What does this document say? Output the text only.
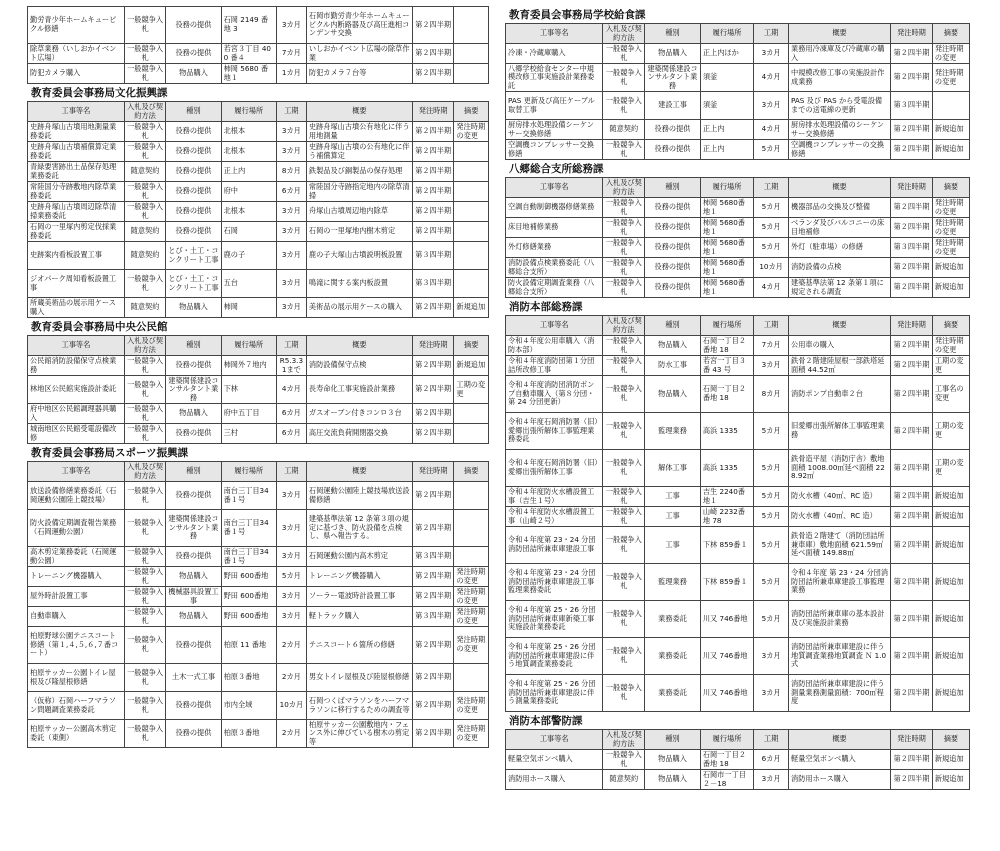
勤労青少年ホームキュービクル修繕	一般競争入札	役務の提供	石岡 2149 番地 3	3カ月	石岡市勤労青少年ホームキュービクル内断路器及び高圧進相コンデンサ交換	第２四半期	
除草業務（いしおかイベント広場）	一般競争入札	役務の提供	若宮３丁目 400 番４	7カ月	いしおかイベント広場の除草作業	第２四半期	
防犯カメラ購入	一般競争入札	物品購入	柿岡 5680 番地１	1カ月	防犯カメラ７台等	第２四半期	
教育委員会事務局文化振興課
工事等名	入札及び契約方法	種別	履行場所	工期	概要	発注時期	摘要
史跡舟塚山古墳用地測量業務委託	一般競争入札	役務の提供	北根本	3カ月	史跡舟塚山古墳公有地化に伴う用地測量	第２四半期	発注時期の変更
史跡舟塚山古墳補償算定業務委託	一般競争入札	役務の提供	北根本	3カ月	史跡舟塚山古墳の公有地化に伴う補償算定	第２四半期	
青緑要害跡出土品保存処理業務委託	随意契約	役務の提供	正上内	8カ月	鉄製品及び銅製品の保存処理	第２四半期	
常陸国分寺跡敷地内除草業務委託	一般競争入札	役務の提供	府中	6カ月	常陸国分寺跡指定地内の除草清掃	第２四半期	
史跡舟塚山古墳周辺除草清掃業務委託	一般競争入札	役務の提供	北根本	3カ月	舟塚山古墳周辺地内除草	第２四半期	
石岡の一里塚内剪定伐採業務委託	随意契約	役務の提供	石岡	3カ月	石岡の一里塚地内樹木剪定	第２四半期	
史跡案内看板設置工事	随意契約	とび・土工・コンクリート工事	鹿の子	3カ月	鹿の子大塚山古墳説明板設置	第３四半期	
ジオパーク周知看板設置工事	一般競争入札	とび・土工・コンクリート工事	五台	3カ月	鳴滝に関する案内板設置	第３四半期	
所蔵美術品の展示用ケース購入	随意契約	物品購入	柿岡	3カ月	美術品の展示用ケースの購入	第２四半期	新規追加
教育委員会事務局中央公民館
工事等名	入札及び契約方法	種別	履行場所	工期	概要	発注時期	摘要
公民館消防設備保守点検業務	一般競争入札	役務の提供	柿岡外７地内	R5.3.31まで	消防設備保守点検	第２四半期	新規追加
林地区公民館実施設計委託	一般競争入札	建築関係建設コンサルタント業務	下林	4カ月	長寿命化工事実施設計業務	第２四半期	工期の変更
府中地区公民館調理器具購入	一般競争入札	物品購入	府中五丁目	6カ月	ガスオーブン付きコンロ３台	第２四半期	
城南地区公民館受電設備改修	一般競争入札	役務の提供	三村	6カ月	高圧交流負荷開閉器交換	第２四半期	
教育委員会事務局スポーツ振興課
工事等名	入札及び契約方法	種別	履行場所	工期	概要	発注時期	摘要
放送設備修繕業務委託（石岡運動公園陸上競技場）	一般競争入札	役務の提供	南台三丁目34 番１号	3カ月	石岡運動公園陸上競技場放送設備修繕	第２四半期	
防火設備定期調査報告業務（石岡運動公園）	一般競争入札	建築関係建設コンサルタント業務	南台三丁目34 番１号	3カ月	建築基準法第 12 条第３項の規定に基づき、防火設備を点検し、県へ報告する。	第２四半期	
高木剪定業務委託（石岡運動公園）	一般競争入札	役務の提供	南台三丁目34 番１号	3カ月	石岡運動公園内高木剪定	第３四半期	
トレーニング機器購入	一般競争入札	物品購入	野田 600番地	5カ月	トレーニング機器購入	第２四半期	発注時期の変更
屋外時計設置工事	一般競争入札	機械器具設置工事	野田 600番地	3カ月	ソーラー電波時計設置工事	第２四半期	発注時期の変更
自動車購入	一般競争入札	物品購入	野田 600番地	3カ月	軽トラック購入	第３四半期	発注時期の変更
柏原野球公園テニスコート修繕（第１,４,５,６,７番コート）	一般競争入札	役務の提供	柏原 11 番地	2カ月	テニスコート６箇所の修繕	第２四半期	発注時期の変更
柏原サッカー公園トイレ屋根及び隆屋根修繕	一般競争入札	土木一式工事	柏原３番地	2カ月	男女トイレ屋根及び陸屋根修繕	第２四半期	
（仮称）石岡ハーフマラソン問題調査業務委託	一般競争入札	役務の提供	市内全域	10カ月	石岡つくばマラソンをハーフマラソンに移行するための調査等	第２四半期	発注時期の変更
柏原サッカー公園高木剪定委託（東側）	一般競争入札	役務の提供	柏原３番地	2カ月	柏原サッカー公園敷地内・フェンス外に伸びている樹木の剪定等	第２四半期	発注時期の変更
教育委員会事務局学校給食課
工事等名	入札及び契約方法	種別	履行場所	工期	概要	発注時期	摘要
冷凍・冷蔵庫購入	一般競争入札	物品購入	正上内ほか	3カ月	業務用冷凍庫及び冷蔵庫の購入	第２四半期	発注時期の変更
八郷学校給食センター中規模改修工事実施設計業務委託	一般競争入札	建築関係建設コンサルタント業務	須釜	4カ月	中規模改修工事の実施設計作成業務	第２四半期	発注時期の変更
PAS 更新及び高圧ケーブル取替工事	一般競争入札	建設工事	須釜	3カ月	PAS 及び PAS から受電設備までの送電線の更新	第３四半期	
厨房排水処理設備シーケンサー交換修繕	随意契約	役務の提供	正上内	4カ月	厨房排水処理設備のシーケンサー交換修繕	第２四半期	新規追加
空調機コンプレッサー交換修繕	一般競争入札	役務の提供	正上内	5カ月	空調機コンプレッサーの交換修繕	第２四半期	新規追加
八郷総合支所総務課
工事等名	入札及び契約方法	種別	履行場所	工期	概要	発注時期	摘要
空調自動制御機器修繕業務	一般競争入札	役務の提供	柿岡 5680番地１	5カ月	機器部品の交換及び整備	第２四半期	発注時期の変更
床目地補修業務	一般競争入札	役務の提供	柿岡 5680番地１	5カ月	ベランダ及びバルコニーの床目地補修	第２四半期	発注時期の変更
外灯修繕業務	一般競争入札	役務の提供	柿岡 5680番地１	5カ月	外灯（駐車場）の修繕	第３四半期	発注時期の変更
消防設備点検業務委託（八郷総合支所）	一般競争入札	役務の提供	柿岡 5680番地１	10カ月	消防設備の点検	第２四半期	新規追加
防火設備定期調査業務（八郷総合支所）	一般競争入札	役務の提供	柿岡 5680番地１	4カ月	建築基準法第 12 条第１項に規定される調査	第２四半期	新規追加
消防本部総務課
工事等名	入札及び契約方法	種別	履行場所	工期	概要	発注時期	摘要
令和４年度公用車購入（消防本部）	一般競争入札	物品購入	石岡一丁目２番地 18	7カ月	公用車の購入	第２四半期	発注時期の変更
令和４年度消防団第１分団詰所改修工事	一般競争入札	防水工事	若宮一丁目３番 43 号	3カ月	鉄骨２階建陸屋根一部鉄塔延面積 44.52㎡	第２四半期	工期の変更
令和４年度消防団消防ポンプ自動車購入（第８分団・第 24 分団更新）	一般競争入札	物品購入	石岡一丁目２番地 18	8カ月	消防ポンプ自動車２台	第２四半期	工事名の変更
令和４年度石岡消防署（旧）愛郷出張所解体工事監理業務委託	一般競争入札	監理業務	高浜 1335	5カ月	旧愛郷出張所解体工事監理業務	第２四半期	工期の変更
令和４年度石岡消防署（旧）愛郷出張所解体工事	一般競争入札	解体工事	高浜 1335	5カ月	鉄骨造平屋（消防庁舎）敷地面積 1008.00㎡延べ面積 228.92㎡	第２四半期	工期の変更
令和４年度防火水槽設置工事（吉生１号）	一般競争入札	工事	吉生 2240番地１	5カ月	防火水槽（40㎥、RC 造）	第２四半期	新規追加
令和４年度防火水槽設置工事（山崎２号）	一般競争入札	工事	山崎 2232番地 78	5カ月	防火水槽（40㎥、RC 造）	第２四半期	新規追加
令和４年度第 23・24 分団消防団詰所兼車庫建設工事	一般競争入札	工事	下林 859番１	5カ月	鉄骨造２階建て（消防団詰所兼車庫）敷地面積 621.59㎡延べ面積 149.88㎡	第２四半期	新規追加
令和４年度第 23・24 分団消防団詰所兼車庫建設工事監理業務委託	一般競争入札	監理業務	下林 859番１	5カ月	令和４年度 第 23・24 分団消防団詰所兼車庫建設工事監理業務	第２四半期	新規追加
令和４年度第 25・26 分団消防団詰所兼車庫新築工事実施設計業務委託	一般競争入札	業務委託	川又 746番地	5カ月	消防団詰所兼車庫の基本設計及び実施設計業務	第２四半期	新規追加
令和４年度第 25・26 分団消防団詰所兼車庫建設に伴う地質調査業務委託	一般競争入札	業務委託	川又 746番地	3カ月	消防団詰所兼車庫建設に伴う地質調査業務地質調査 Ｎ 1.0 式	第２四半期	新規追加
令和４年度第 25・26 分団消防団詰所兼車庫建設に伴う測量業務委託	一般競争入札	業務委託	川又 746番地	3カ月	消防団詰所兼車庫建設に伴う測量業務測量面積：700㎡程度	第２四半期	新規追加
消防本部警防課
工事等名	入札及び契約方法	種別	履行場所	工期	概要	発注時期	摘要
軽量空気ボンベ購入	一般競争入札	物品購入	石岡一丁目２番地 18	6カ月	軽量空気ボンベ購入	第２四半期	新規追加
消防用ホース購入	随意契約	物品購入	石岡市一丁目２－18	3カ月	消防用ホース購入	第２四半期	新規追加
